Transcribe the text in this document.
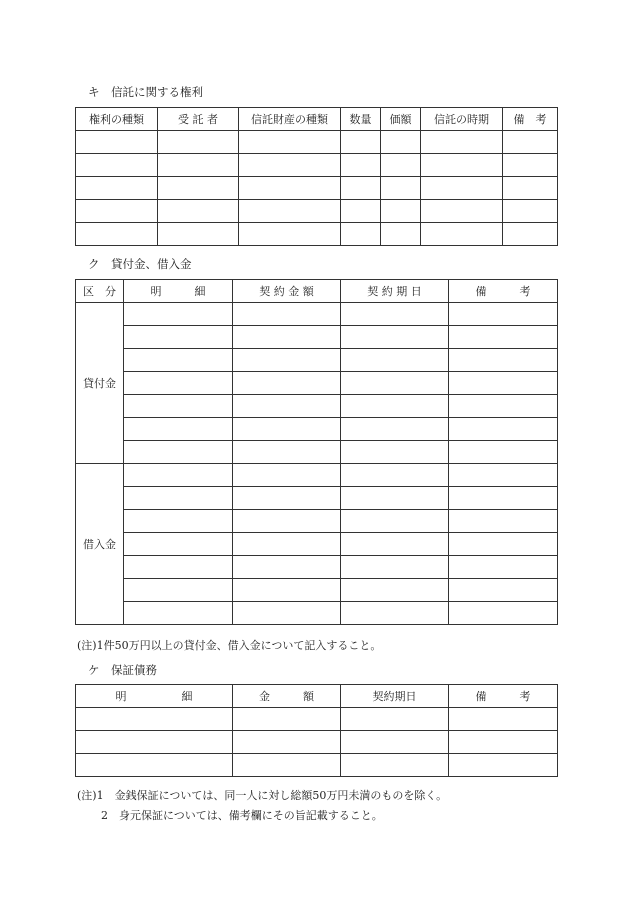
キ　信託に関する権利
権利の種類	受 託 者	信託財産の種類	数量	価額	信託の時期	備　考

ク　貸付金、借入金
区　分	明　　　細	契 約 金 額	契 約 期 日	備　　　考
貸付金				

借入金				

(注)1件50万円以上の貸付金、借入金について記入すること。
ケ　保証債務
明　　　　　細	金　　　額	契約期日	備　　　考

(注)1　金銭保証については、同一人に対し総額50万円未満のものを除く。
2　身元保証については、備考欄にその旨記載すること。
